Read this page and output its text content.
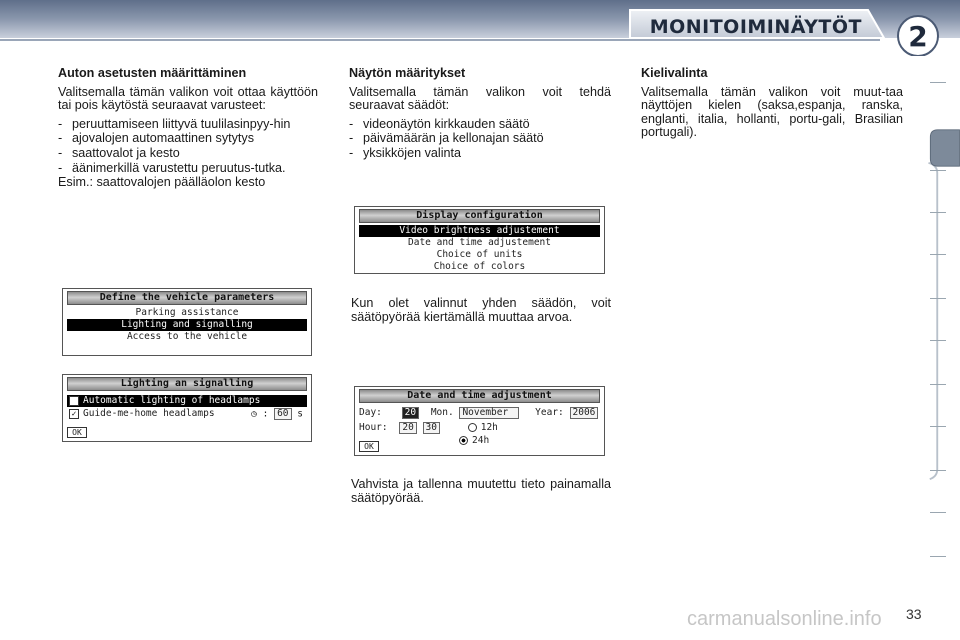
MONITOIMINÄYTÖT	2
Auton asetusten määrittäminen

Valitsemalla tämän valikon voit ottaa käyttöön tai pois käytöstä seuraavat varusteet:

- peruuttamiseen liittyvä tuulilasinpyy-hin
- ajovalojen automaattinen sytytys
- saattovalot ja kesto
- äänimerkillä varustettu peruutus-tutka.

Esim.: saattovalojen päälläolon kesto

Näytön määritykset

Valitsemalla tämän valikon voit tehdä seuraavat säädöt:

- videonäytön kirkkauden säätö
- päivämäärän ja kellonajan säätö
- yksikköjen valinta

Kun olet valinnut yhden säädön, voit säätöpyörää kiertämällä muuttaa arvoa.

Vahvista ja tallenna muutettu tieto painamalla säätöpyörää.

Kielivalinta

Valitsemalla tämän valikon voit muut-taa näyttöjen kielen (saksa,espanja, ranska, englanti, italia, hollanti, portu-gali, Brasilian portugali).

Define the vehicle parameters
Parking assistance
Lighting and signalling
Access to the vehicle
Lighting an signalling
Automatic lighting of headlamps
✓ Guide-me-home headlamps	◷ : 60 s
OK
Display configuration
Video brightness adjustement
Date and time adjustement
Choice of units
Choice of colors
Date and time adjustment
Day: 20 Mon. November	Year: 2006
Hour: 20 30	12h
24h
OK
33
carmanualsonline.info
